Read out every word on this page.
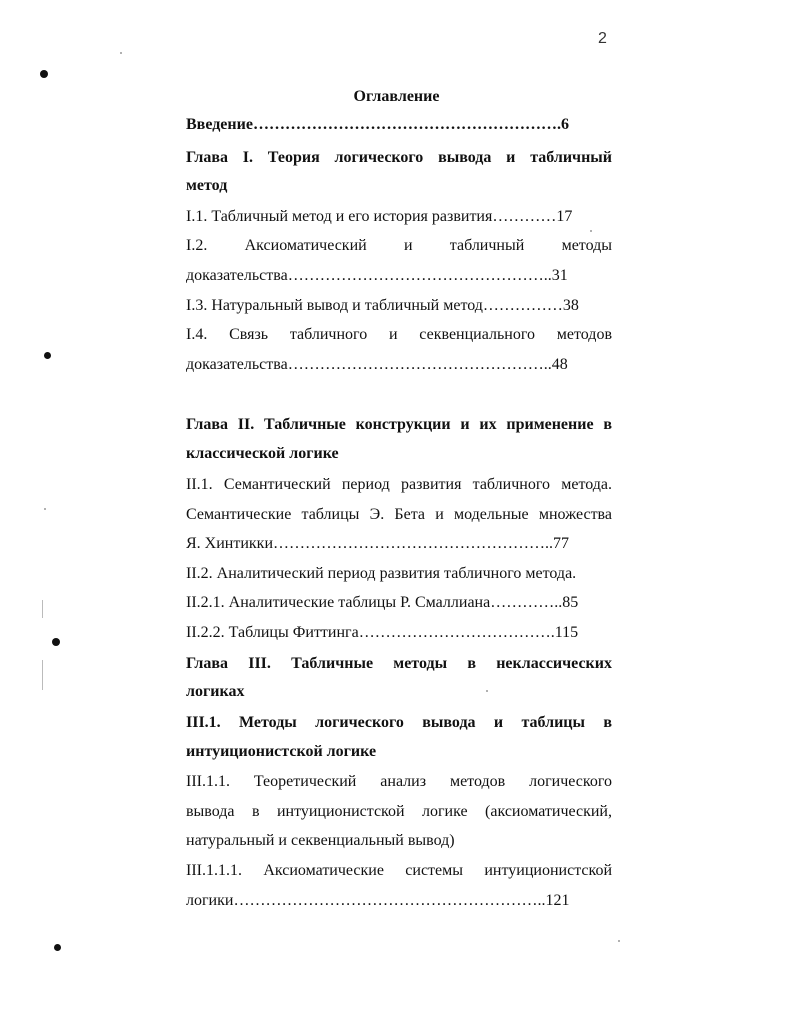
2
Оглавление
Введение………………………………………………….6
Глава I. Теория логического вывода и табличный
метод
I.1. Табличный метод и его история развития…………17
I.2. Аксиоматический и табличный методы
доказательства…………………………………………..31
I.3. Натуральный вывод и табличный метод……………38
I.4. Связь табличного и секвенциального методов
доказательства…………………………………………..48
Глава II. Табличные конструкции и их применение в
классической логике
II.1. Семантический период развития табличного метода.
Семантические таблицы Э. Бета и модельные множества
Я. Хинтикки……………………………………………..77
II.2. Аналитический период развития табличного метода.
II.2.1. Аналитические таблицы Р. Смаллиана…………..85
II.2.2. Таблицы Фиттинга……………………………….115
Глава III. Табличные методы в неклассических
логиках
III.1. Методы логического вывода и таблицы в
интуиционистской логике
III.1.1. Теоретический анализ методов логического
вывода в интуиционистской логике (аксиоматический,
натуральный и секвенциальный вывод)
III.1.1.1. Аксиоматические системы интуиционистской
логики…………………………………………………..121
